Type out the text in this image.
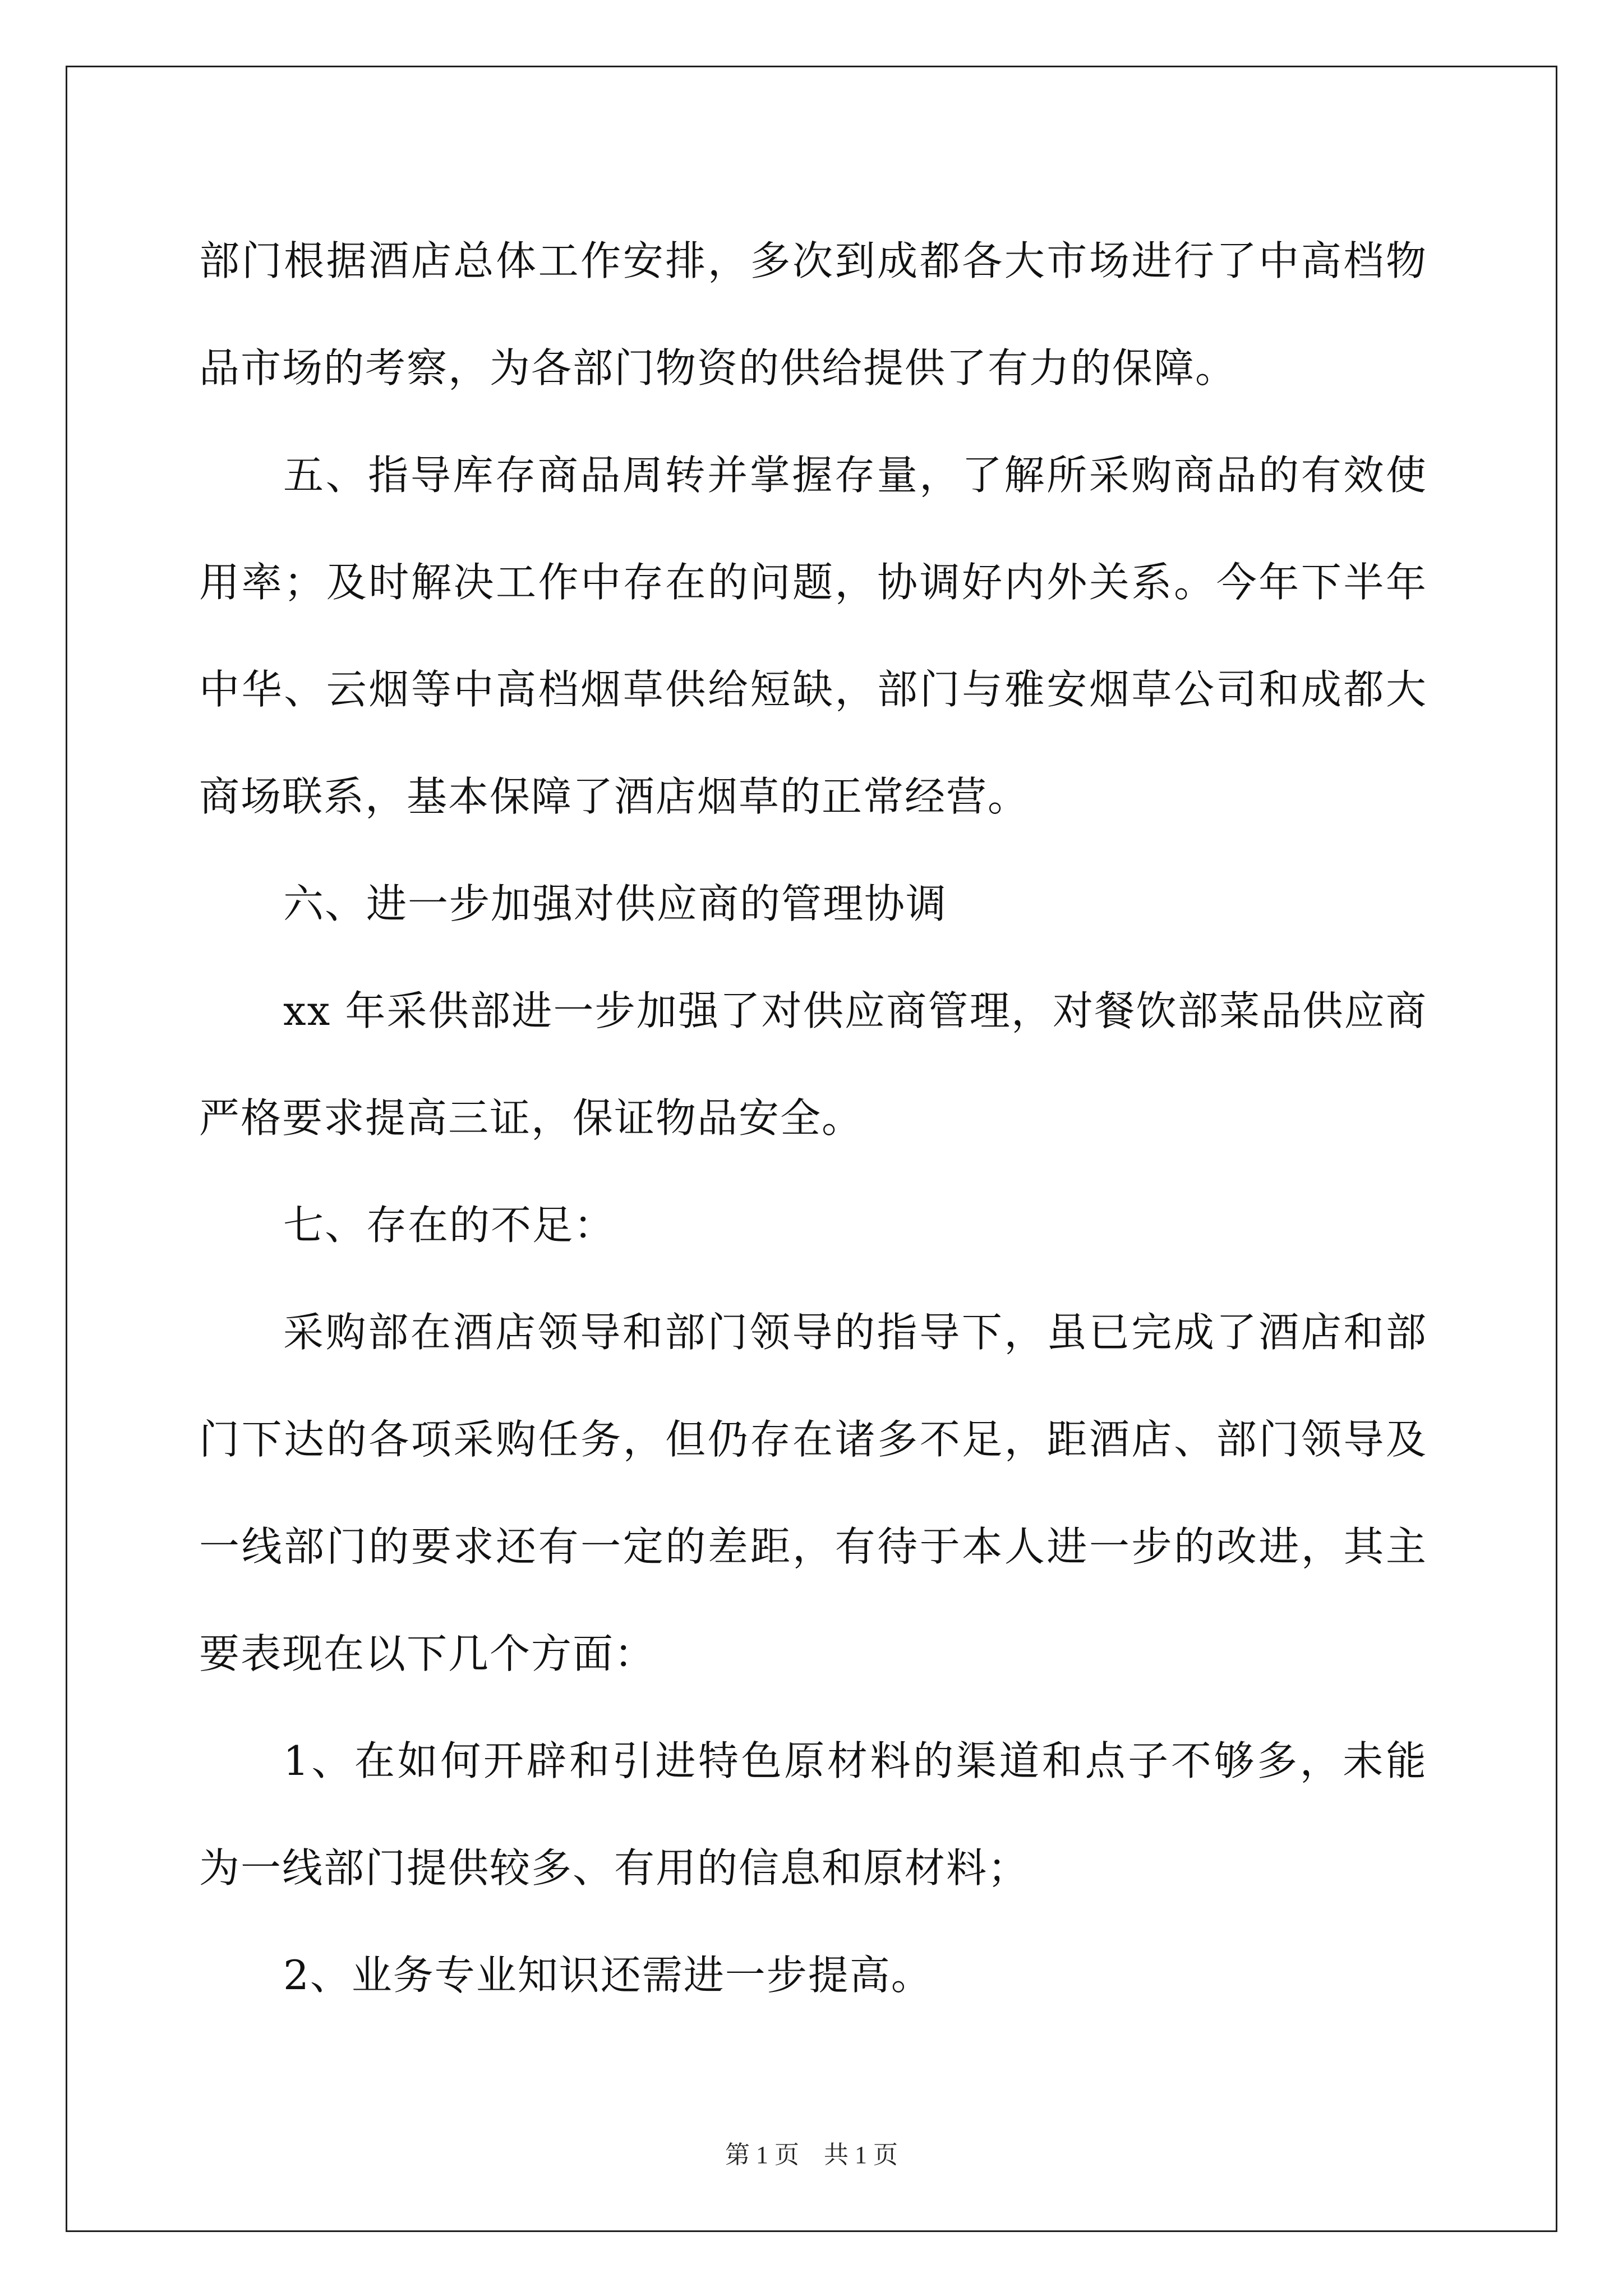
部门根据酒店总体工作安排，多次到成都各大市场进行了中高档物品市场的考察，为各部门物资的供给提供了有力的保障。

五、指导库存商品周转并掌握存量，了解所采购商品的有效使用率；及时解决工作中存在的问题，协调好内外关系。今年下半年中华、云烟等中高档烟草供给短缺，部门与雅安烟草公司和成都大商场联系，基本保障了酒店烟草的正常经营。

六、进一步加强对供应商的管理协调

xx 年采供部进一步加强了对供应商管理，对餐饮部菜品供应商严格要求提高三证，保证物品安全。

七、存在的不足：

采购部在酒店领导和部门领导的指导下，虽已完成了酒店和部门下达的各项采购任务，但仍存在诸多不足，距酒店、部门领导及一线部门的要求还有一定的差距，有待于本人进一步的改进，其主要表现在以下几个方面：

1、在如何开辟和引进特色原材料的渠道和点子不够多，未能为一线部门提供较多、有用的信息和原材料；

2、业务专业知识还需进一步提高。

第 1 页　共 1 页
